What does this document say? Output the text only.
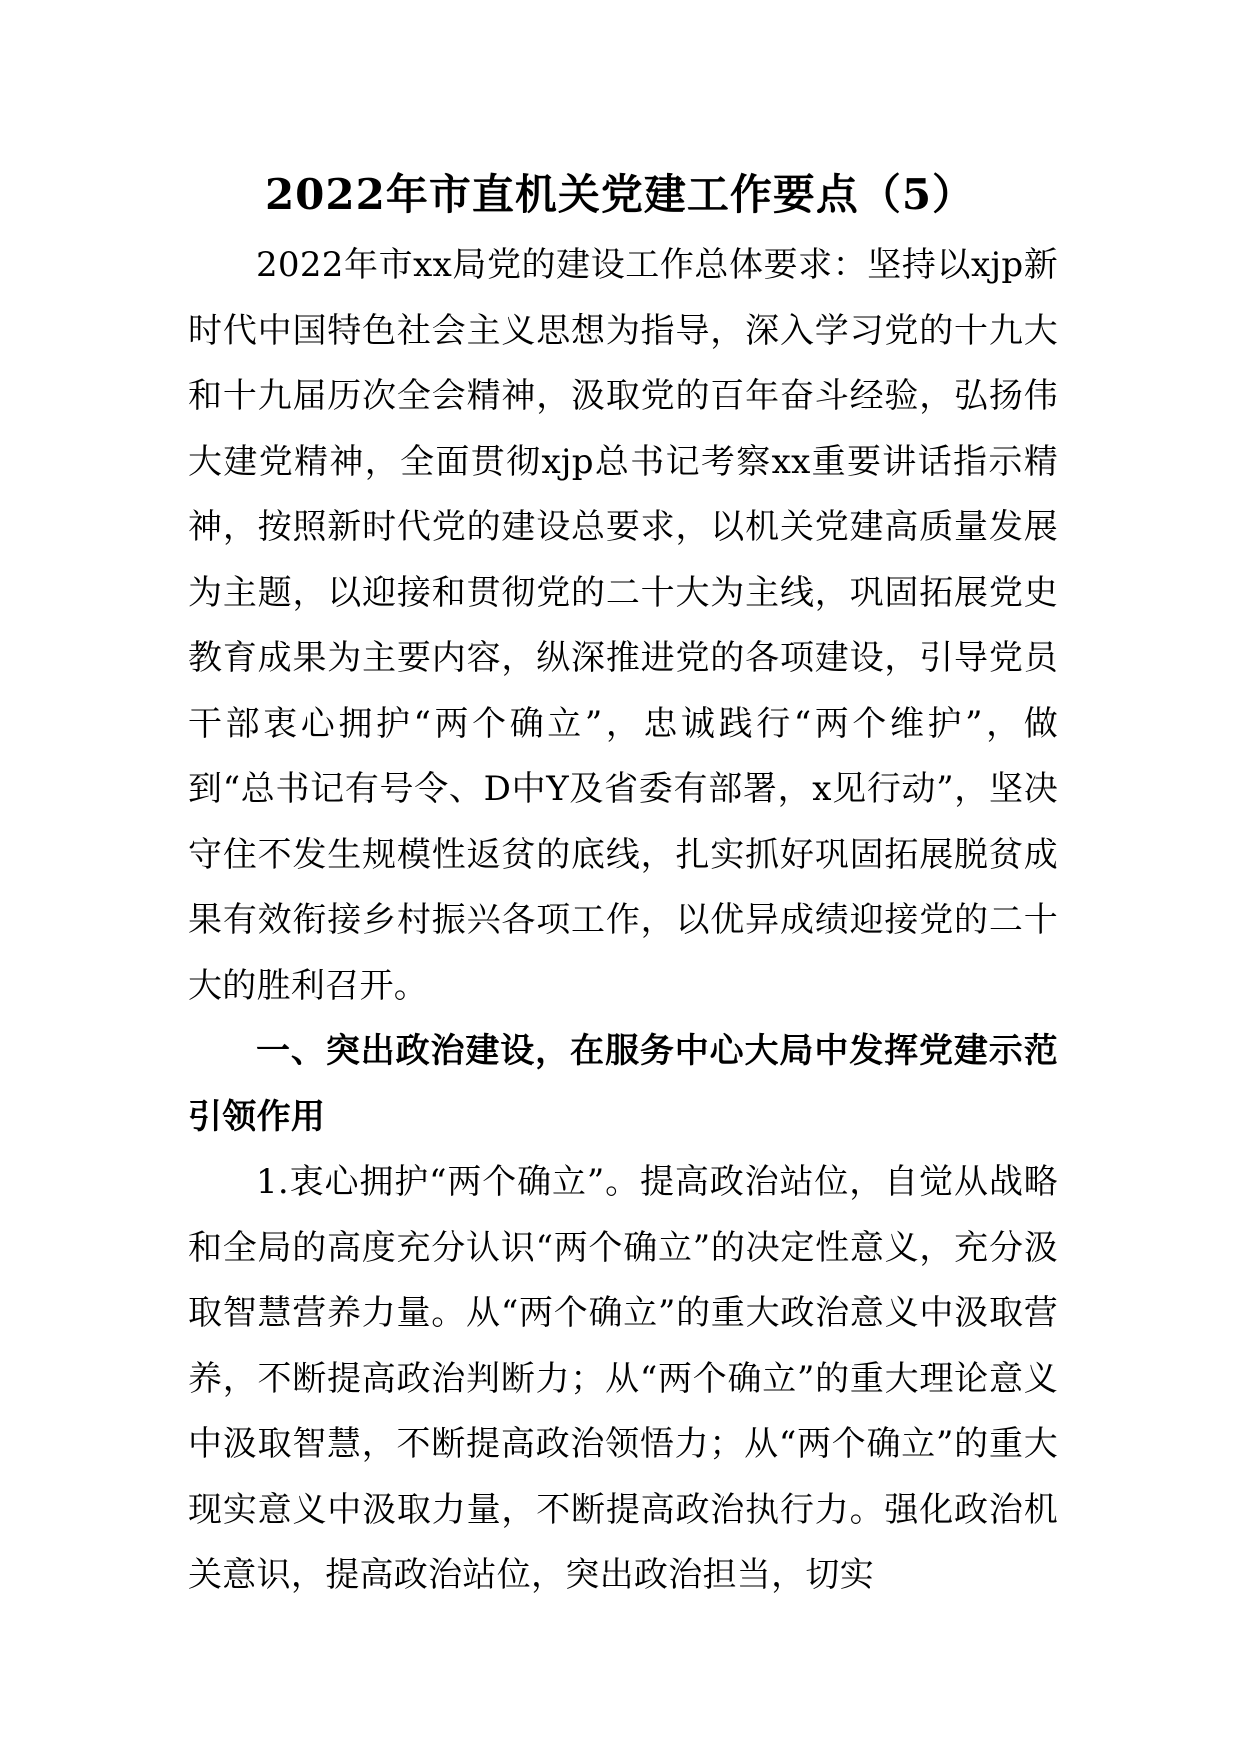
2022年市直机关党建工作要点（5）

2022年市xx局党的建设工作总体要求：坚持以xjp新时代中国特色社会主义思想为指导，深入学习党的十九大和十九届历次全会精神，汲取党的百年奋斗经验，弘扬伟大建党精神，全面贯彻xjp总书记考察xx重要讲话指示精神，按照新时代党的建设总要求，以机关党建高质量发展为主题，以迎接和贯彻党的二十大为主线，巩固拓展党史教育成果为主要内容，纵深推进党的各项建设，引导党员干部衷心拥护“两个确立”，忠诚践行“两个维护”，做到“总书记有号令、D中Y及省委有部署，x见行动”，坚决守住不发生规模性返贫的底线，扎实抓好巩固拓展脱贫成果有效衔接乡村振兴各项工作，以优异成绩迎接党的二十大的胜利召开。

一、突出政治建设，在服务中心大局中发挥党建示范引领作用

1.衷心拥护“两个确立”。提高政治站位，自觉从战略和全局的高度充分认识“两个确立”的决定性意义，充分汲取智慧营养力量。从“两个确立”的重大政治意义中汲取营养，不断提高政治判断力；从“两个确立”的重大理论意义中汲取智慧，不断提高政治领悟力；从“两个确立”的重大现实意义中汲取力量，不断提高政治执行力。强化政治机关意识，提高政治站位，突出政治担当，切实
